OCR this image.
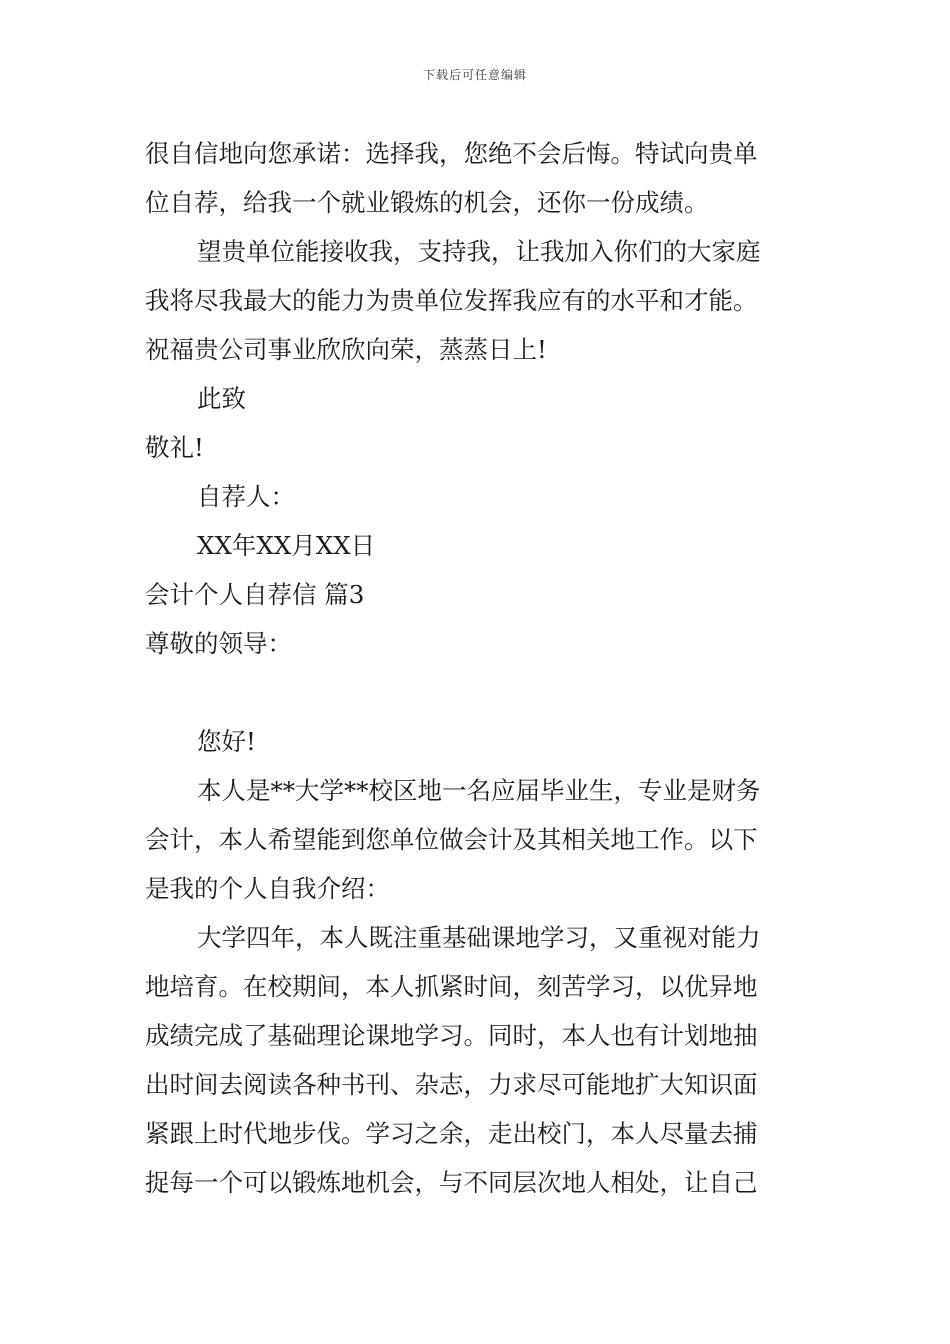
下载后可任意编辑
很自信地向您承诺：选择我，您绝不会后悔。特试向贵单
位自荐，给我一个就业锻炼的机会，还你一份成绩。
望贵单位能接收我，支持我，让我加入你们的大家庭
我将尽我最大的能力为贵单位发挥我应有的水平和才能。
祝福贵公司事业欣欣向荣，蒸蒸日上!
此致
敬礼!
自荐人：
XX年XX月XX日
会计个人自荐信 篇3
尊敬的领导：
您好!
本人是**大学**校区地一名应届毕业生，专业是财务
会计，本人希望能到您单位做会计及其相关地工作。以下
是我的个人自我介绍：
大学四年，本人既注重基础课地学习，又重视对能力
地培育。在校期间，本人抓紧时间，刻苦学习，以优异地
成绩完成了基础理论课地学习。同时，本人也有计划地抽
出时间去阅读各种书刊、杂志，力求尽可能地扩大知识面
紧跟上时代地步伐。学习之余，走出校门，本人尽量去捕
捉每一个可以锻炼地机会，与不同层次地人相处，让自己
